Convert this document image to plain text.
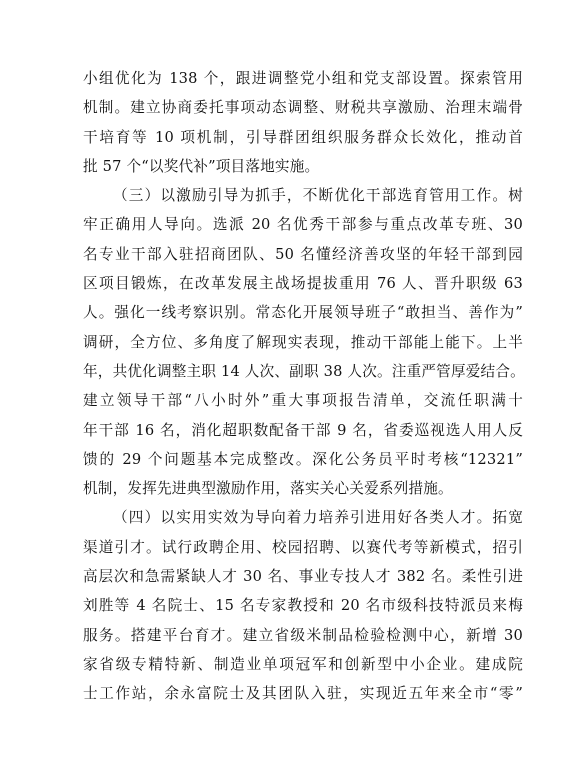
小组优化为 138 个，跟进调整党小组和党支部设置。探索管用
机制。建立协商委托事项动态调整、财税共享激励、治理末端骨
干培育等 10 项机制，引导群团组织服务群众长效化，推动首
批 57 个“以奖代补”项目落地实施。
（三）以激励引导为抓手，不断优化干部选育管用工作。树
牢正确用人导向。选派 20 名优秀干部参与重点改革专班、30
名专业干部入驻招商团队、50 名懂经济善攻坚的年轻干部到园
区项目锻炼，在改革发展主战场提拔重用 76 人、晋升职级 63
人。强化一线考察识别。常态化开展领导班子“敢担当、善作为”
调研，全方位、多角度了解现实表现，推动干部能上能下。上半
年，共优化调整主职 14 人次、副职 38 人次。注重严管厚爱结合。
建立领导干部“八小时外”重大事项报告清单，交流任职满十
年干部 16 名，消化超职数配备干部 9 名，省委巡视选人用人反
馈的 29 个问题基本完成整改。深化公务员平时考核“12321”
机制，发挥先进典型激励作用，落实关心关爱系列措施。
（四）以实用实效为导向着力培养引进用好各类人才。拓宽
渠道引才。试行政聘企用、校园招聘、以赛代考等新模式，招引
高层次和急需紧缺人才 30 名、事业专技人才 382 名。柔性引进
刘胜等 4 名院士、15 名专家教授和 20 名市级科技特派员来梅
服务。搭建平台育才。建立省级米制品检验检测中心，新增 30
家省级专精特新、制造业单项冠军和创新型中小企业。建成院
士工作站，余永富院士及其团队入驻，实现近五年来全市“零”
